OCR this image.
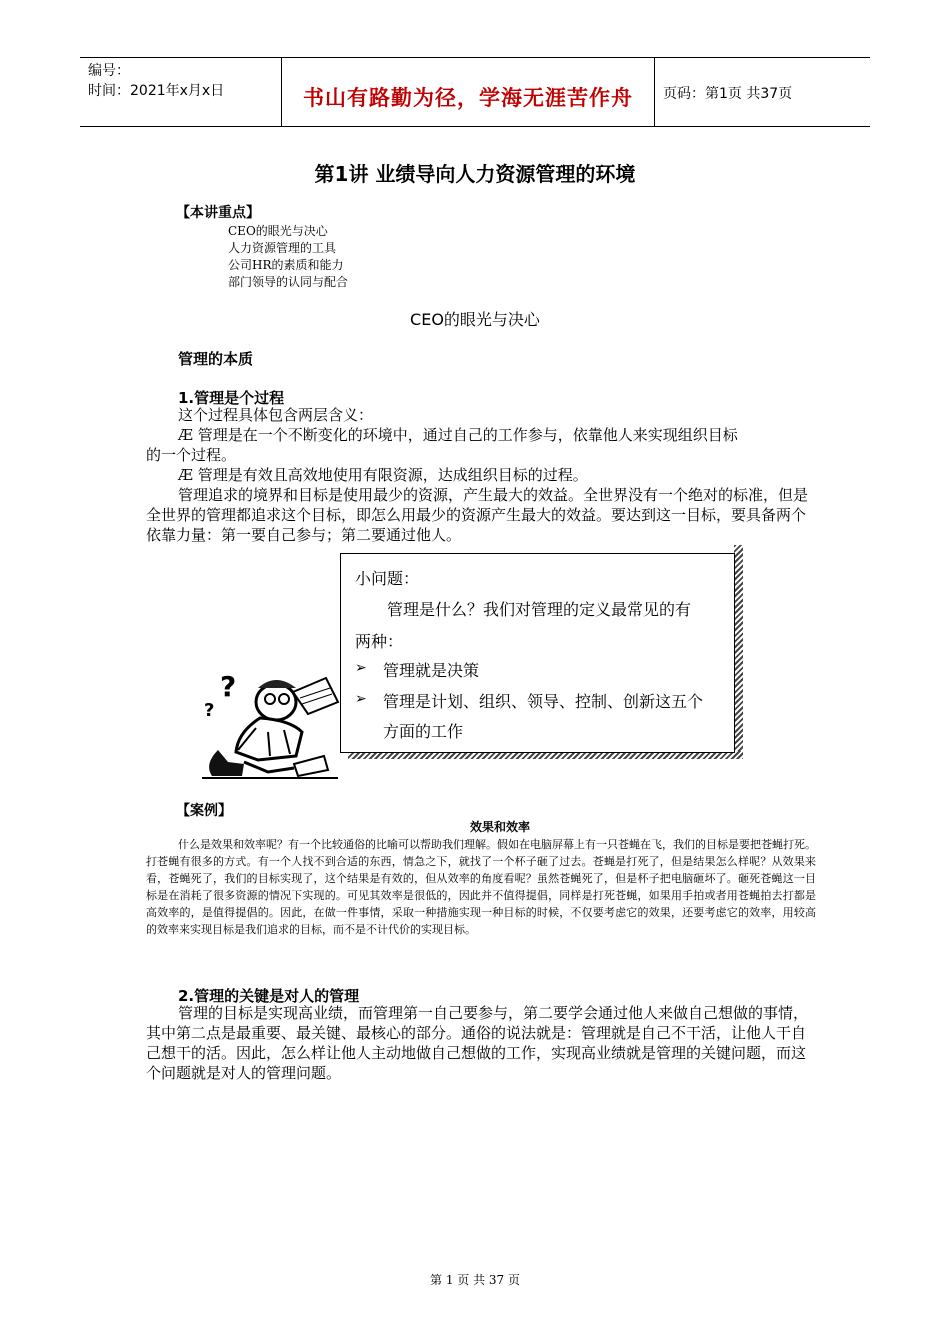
编号：
时间：2021年x月x日	书山有路勤为径，学海无涯苦作舟	页码：第1页 共37页
第1讲 业绩导向人力资源管理的环境
【本讲重点】
CEO的眼光与决心
人力资源管理的工具
公司HR的素质和能力
部门领导的认同与配合
CEO的眼光与决心
管理的本质
1.管理是个过程
这个过程具体包含两层含义：
Æ 管理是在一个不断变化的环境中，通过自己的工作参与，依靠他人来实现组织目标
的一个过程。
Æ 管理是有效且高效地使用有限资源，达成组织目标的过程。
管理追求的境界和目标是使用最少的资源，产生最大的效益。全世界没有一个绝对的标准，但是全世界的管理都追求这个目标，即怎么用最少的资源产生最大的效益。要达到这一目标，要具备两个依靠力量：第一要自己参与；第二要通过他人。
小问题：
管理是什么？我们对管理的定义最常见的有
两种：
➢ 管理就是决策
➢ 管理是计划、组织、领导、控制、创新这五个
方面的工作
?
?
【案例】
效果和效率
什么是效果和效率呢？有一个比较通俗的比喻可以帮助我们理解。假如在电脑屏幕上有一只苍蝇在飞，我们的目标是要把苍蝇打死。打苍蝇有很多的方式。有一个人找不到合适的东西，情急之下，就找了一个杯子砸了过去。苍蝇是打死了，但是结果怎么样呢？从效果来看，苍蝇死了，我们的目标实现了，这个结果是有效的，但从效率的角度看呢？虽然苍蝇死了，但是杯子把电脑砸坏了。砸死苍蝇这一目标是在消耗了很多资源的情况下实现的。可见其效率是很低的，因此并不值得提倡，同样是打死苍蝇，如果用手拍或者用苍蝇拍去打都是高效率的，是值得提倡的。因此，在做一件事情，采取一种措施实现一种目标的时候，不仅要考虑它的效果，还要考虑它的效率，用较高的效率来实现目标是我们追求的目标，而不是不计代价的实现目标。
2.管理的关键是对人的管理
管理的目标是实现高业绩，而管理第一自己要参与，第二要学会通过他人来做自己想做的事情，其中第二点是最重要、最关键、最核心的部分。通俗的说法就是：管理就是自己不干活，让他人干自己想干的活。因此，怎么样让他人主动地做自己想做的工作，实现高业绩就是管理的关键问题，而这个问题就是对人的管理问题。
第 1 页 共 37 页
